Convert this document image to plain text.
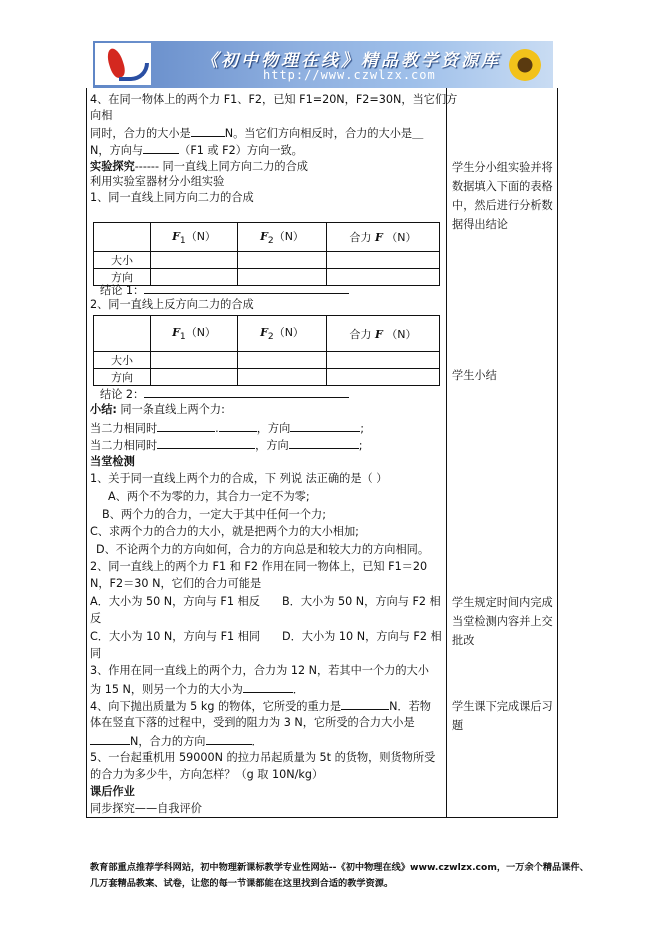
《初中物理在线》精品教学资源库
http://www.czwlzx.com
4、在同一物体上的两个力 F1、F2，已知 F1=20N，F2=30N，当它们方
向相
同时，合力的大小是	N。当它们方向相反时，合力的大小是＿
N，方向与	（F1 或 F2）方向一致。
实验探究------ 同一直线上同方向二力的合成
利用实验室器材分小组实验
1、同一直线上同方向二力的合成
	$F_1(N)$	$F_2(N)$	合力 F （N）
大小			
方向			
结论 1：
2、同一直线上反方向二力的合成
	$F_1(N)$	$F_2(N)$	合力 F （N）
大小			
方向			
结论 2：
小结: 同一条直线上两个力:
当二力相同时	.	，方向	;
当二力相同时	，方向	;
当堂检测
1、关于同一直线上两个力的合成，下 列说 法正确的是（ ）
A、两个不为零的力，其合力一定不为零;
B、两个力的合力，一定大于其中任何一个力;
C、求两个力的合力的大小，就是把两个力的大小相加;
D、不论两个力的方向如何，合力的方向总是和较大力的方向相同。
2、同一直线上的两个力 F1 和 F2 作用在同一物体上，已知 F1＝20
N，F2＝30 N，它们的合力可能是
A．大小为 50 N，方向与 F1 相反 B．大小为 50 N，方向与 F2 相
反
C．大小为 10 N，方向与 F1 相同 D．大小为 10 N，方向与 F2 相
同
3、作用在同一直线上的两个力，合力为 12 N，若其中一个力的大小
为 15 N，则另一个力的大小为	．
4、向下抛出质量为 5 kg 的物体，它所受的重力是	N．若物
体在竖直下落的过程中，受到的阻力为 3 N，它所受的合力大小是
N，合力的方向	．
5、一台起重机用 59000N 的拉力吊起质量为 5t 的货物，则货物所受
的合力为多少牛，方向怎样？（g 取 10N/kg）
课后作业
同步探究——自我评价
学生分小组实验并将数据填入下面的表格中，然后进行分析数据得出结论
学生小结
学生规定时间内完成当堂检测内容并上交批改
学生课下完成课后习题
教育部重点推荐学科网站，初中物理新课标教学专业性网站--《初中物理在线》www.czwlzx.com，一万余个精品课件、
几万套精品教案、试卷，让您的每一节课都能在这里找到合适的教学资源。
